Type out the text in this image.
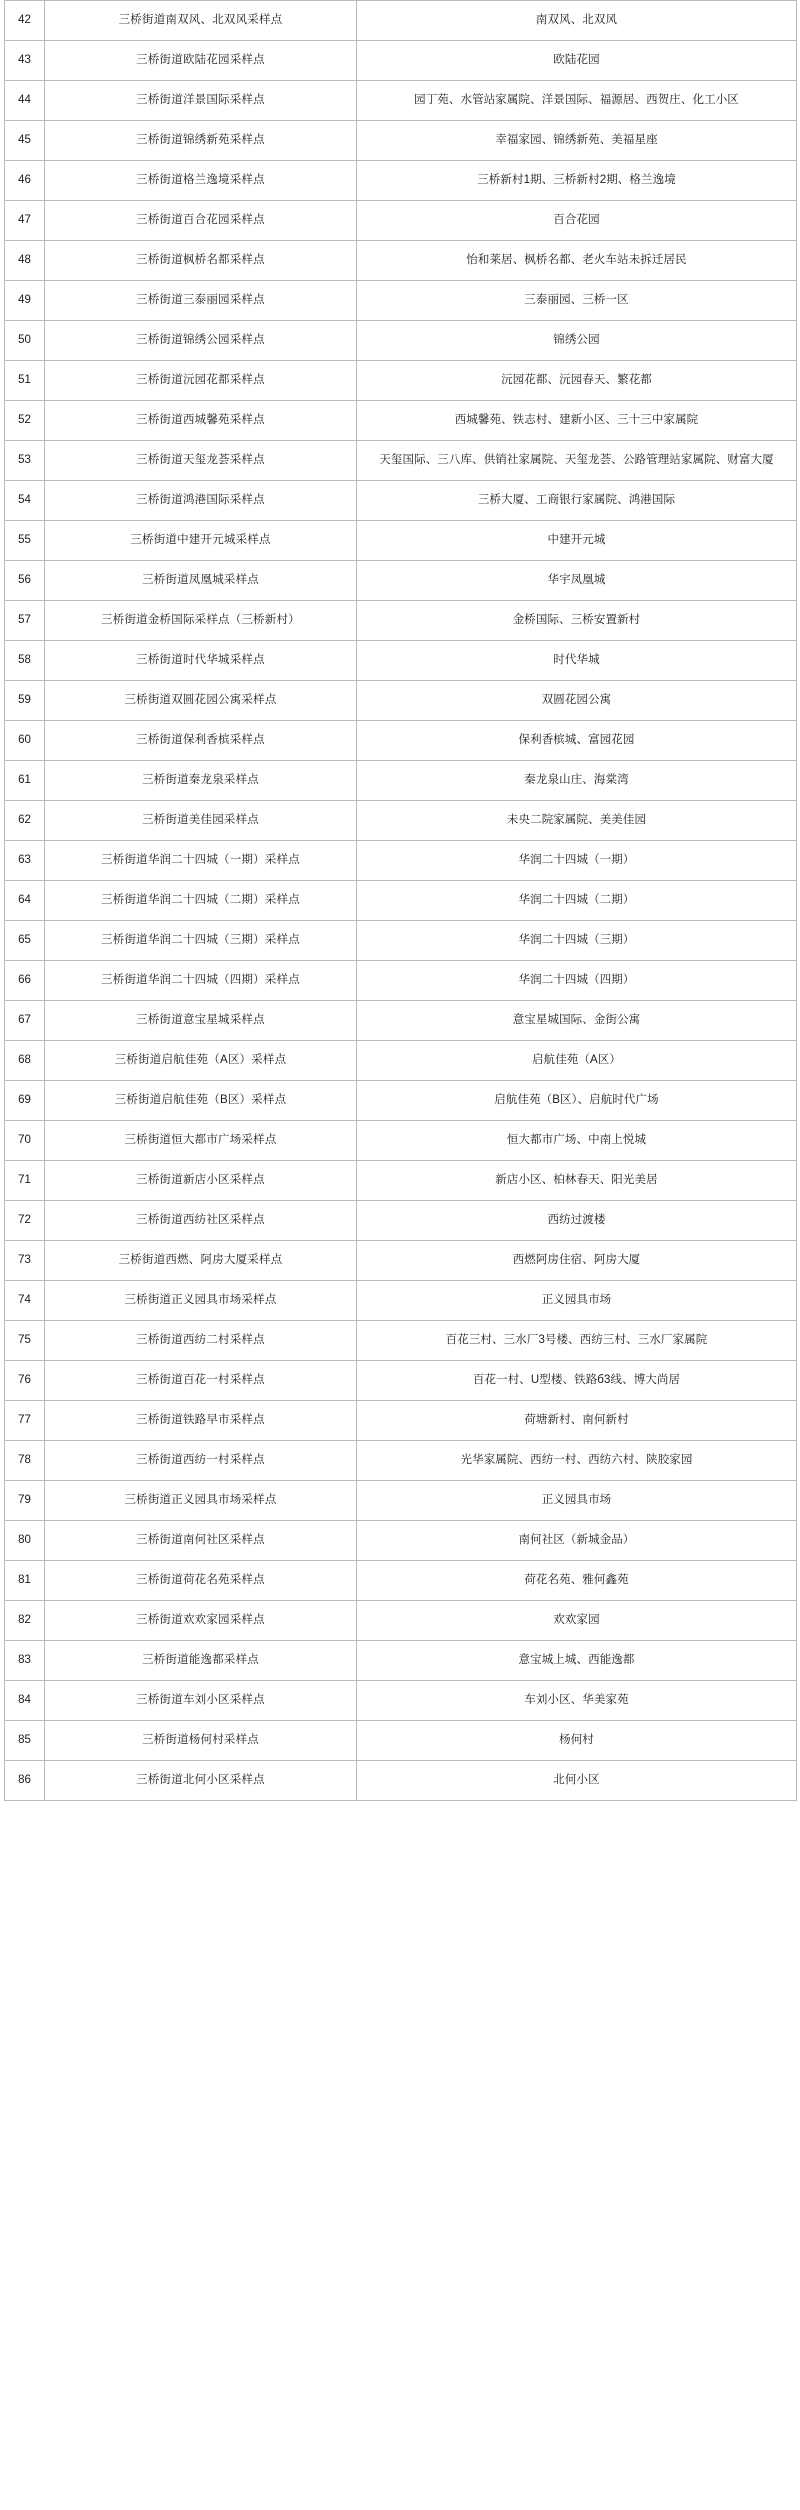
42	三桥街道南双风、北双风采样点	南双风、北双风
43	三桥街道欧陆花园采样点	欧陆花园
44	三桥街道洋景国际采样点	园丁苑、水管站家属院、洋景国际、福源居、西贺庄、化工小区
45	三桥街道锦绣新苑采样点	幸福家园、锦绣新苑、美福星座
46	三桥街道格兰逸境采样点	三桥新村1期、三桥新村2期、格兰逸境
47	三桥街道百合花园采样点	百合花园
48	三桥街道枫桥名都采样点	怡和莱居、枫桥名都、老火车站未拆迁居民
49	三桥街道三泰丽园采样点	三泰丽园、三桥一区
50	三桥街道锦绣公园采样点	锦绣公园
51	三桥街道沅园花都采样点	沅园花都、沅园春天、繁花都
52	三桥街道西城馨苑采样点	西城馨苑、铁志村、建新小区、三十三中家属院
53	三桥街道天玺龙荟采样点	天玺国际、三八库、供销社家属院、天玺龙荟、公路管理站家属院、财富大厦
54	三桥街道鸿港国际采样点	三桥大厦、工商银行家属院、鸿港国际
55	三桥街道中建开元城采样点	中建开元城
56	三桥街道凤凰城采样点	华宇凤凰城
57	三桥街道金桥国际采样点（三桥新村）	金桥国际、三桥安置新村
58	三桥街道时代华城采样点	时代华城
59	三桥街道双圆花园公寓采样点	双圆花园公寓
60	三桥街道保利香槟采样点	保利香槟城、富园花园
61	三桥街道秦龙泉采样点	秦龙泉山庄、海棠湾
62	三桥街道美佳园采样点	未央二院家属院、美美佳园
63	三桥街道华润二十四城（一期）采样点	华润二十四城（一期）
64	三桥街道华润二十四城（二期）采样点	华润二十四城（二期）
65	三桥街道华润二十四城（三期）采样点	华润二十四城（三期）
66	三桥街道华润二十四城（四期）采样点	华润二十四城（四期）
67	三桥街道意宝星城采样点	意宝星城国际、金街公寓
68	三桥街道启航佳苑（A区）采样点	启航佳苑（A区）
69	三桥街道启航佳苑（B区）采样点	启航佳苑（B区）、启航时代广场
70	三桥街道恒大都市广场采样点	恒大都市广场、中南上悦城
71	三桥街道新店小区采样点	新店小区、柏林春天、阳光美居
72	三桥街道西纺社区采样点	西纺过渡楼
73	三桥街道西燃、阿房大厦采样点	西燃阿房住宿、阿房大厦
74	三桥街道正义园具市场采样点	正义园具市场
75	三桥街道西纺二村采样点	百花三村、三水厂3号楼、西纺三村、三水厂家属院
76	三桥街道百花一村采样点	百花一村、U型楼、铁路б3线、博大尚居
77	三桥街道铁路早市采样点	荷塘新村、南何新村
78	三桥街道西纺一村采样点	光华家属院、西纺一村、西纺六村、陕胶家园
79	三桥街道正义园具市场采样点	正义园具市场
80	三桥街道南何社区采样点	南何社区（新城金品）
81	三桥街道荷花名苑采样点	荷花名苑、雅何鑫苑
82	三桥街道欢欢家园采样点	欢欢家园
83	三桥街道能逸都采样点	意宝城上城、西能逸都
84	三桥街道车刘小区采样点	车刘小区、华美家苑
85	三桥街道杨何村采样点	杨何村
86	三桥街道北何小区采样点	北何小区
